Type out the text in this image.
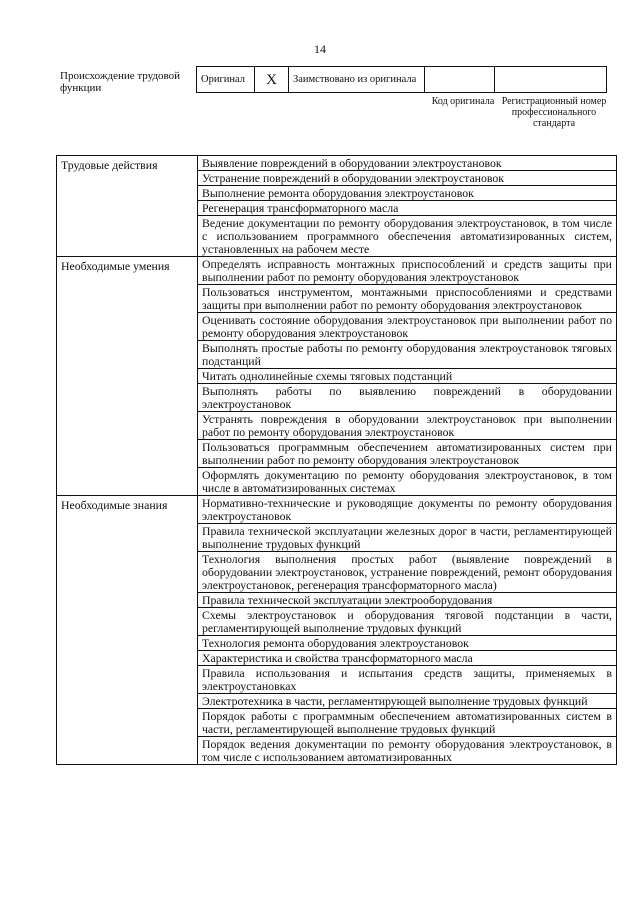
14
Происхождение трудовой функции
Оригинал	X	Заимствовано из оригинала		
Код оригинала Регистрационный номер профессионального стандарта
Трудовые действия	Выявление повреждений в оборудовании электроустановок
	Устранение повреждений в оборудовании электроустановок
	Выполнение ремонта оборудования электроустановок
	Регенерация трансформаторного масла
	Ведение документации по ремонту оборудования электроустановок, в том числе с использованием программного обеспечения автоматизированных систем, установленных на рабочем месте
Необходимые умения	Определять исправность монтажных приспособлений и средств защиты при выполнении работ по ремонту оборудования электроустановок
	Пользоваться инструментом, монтажными приспособлениями и средствами защиты при выполнении работ по ремонту оборудования электроустановок
	Оценивать состояние оборудования электроустановок при выполнении работ по ремонту оборудования электроустановок
	Выполнять простые работы по ремонту оборудования электроустановок тяговых подстанций
	Читать однолинейные схемы тяговых подстанций
	Выполнять работы по выявлению повреждений в оборудовании электроустановок
	Устранять повреждения в оборудовании электроустановок при выполнении работ по ремонту оборудования электроустановок
	Пользоваться программным обеспечением автоматизированных систем при выполнении работ по ремонту оборудования электроустановок
	Оформлять документацию по ремонту оборудования электроустановок, в том числе в автоматизированных системах
Необходимые знания	Нормативно-технические и руководящие документы по ремонту оборудования электроустановок
	Правила технической эксплуатации железных дорог в части, регламентирующей выполнение трудовых функций
	Технология выполнения простых работ (выявление повреждений в оборудовании электроустановок, устранение повреждений, ремонт оборудования электроустановок, регенерация трансформаторного масла)
	Правила технической эксплуатации электрооборудования
	Схемы электроустановок и оборудования тяговой подстанции в части, регламентирующей выполнение трудовых функций
	Технология ремонта оборудования электроустановок
	Характеристика и свойства трансформаторного масла
	Правила использования и испытания средств защиты, применяемых в электроустановках
	Электротехника в части, регламентирующей выполнение трудовых функций
	Порядок работы с программным обеспечением автоматизированных систем в части, регламентирующей выполнение трудовых функций
	Порядок ведения документации по ремонту оборудования электроустановок, в том числе с использованием автоматизированных
